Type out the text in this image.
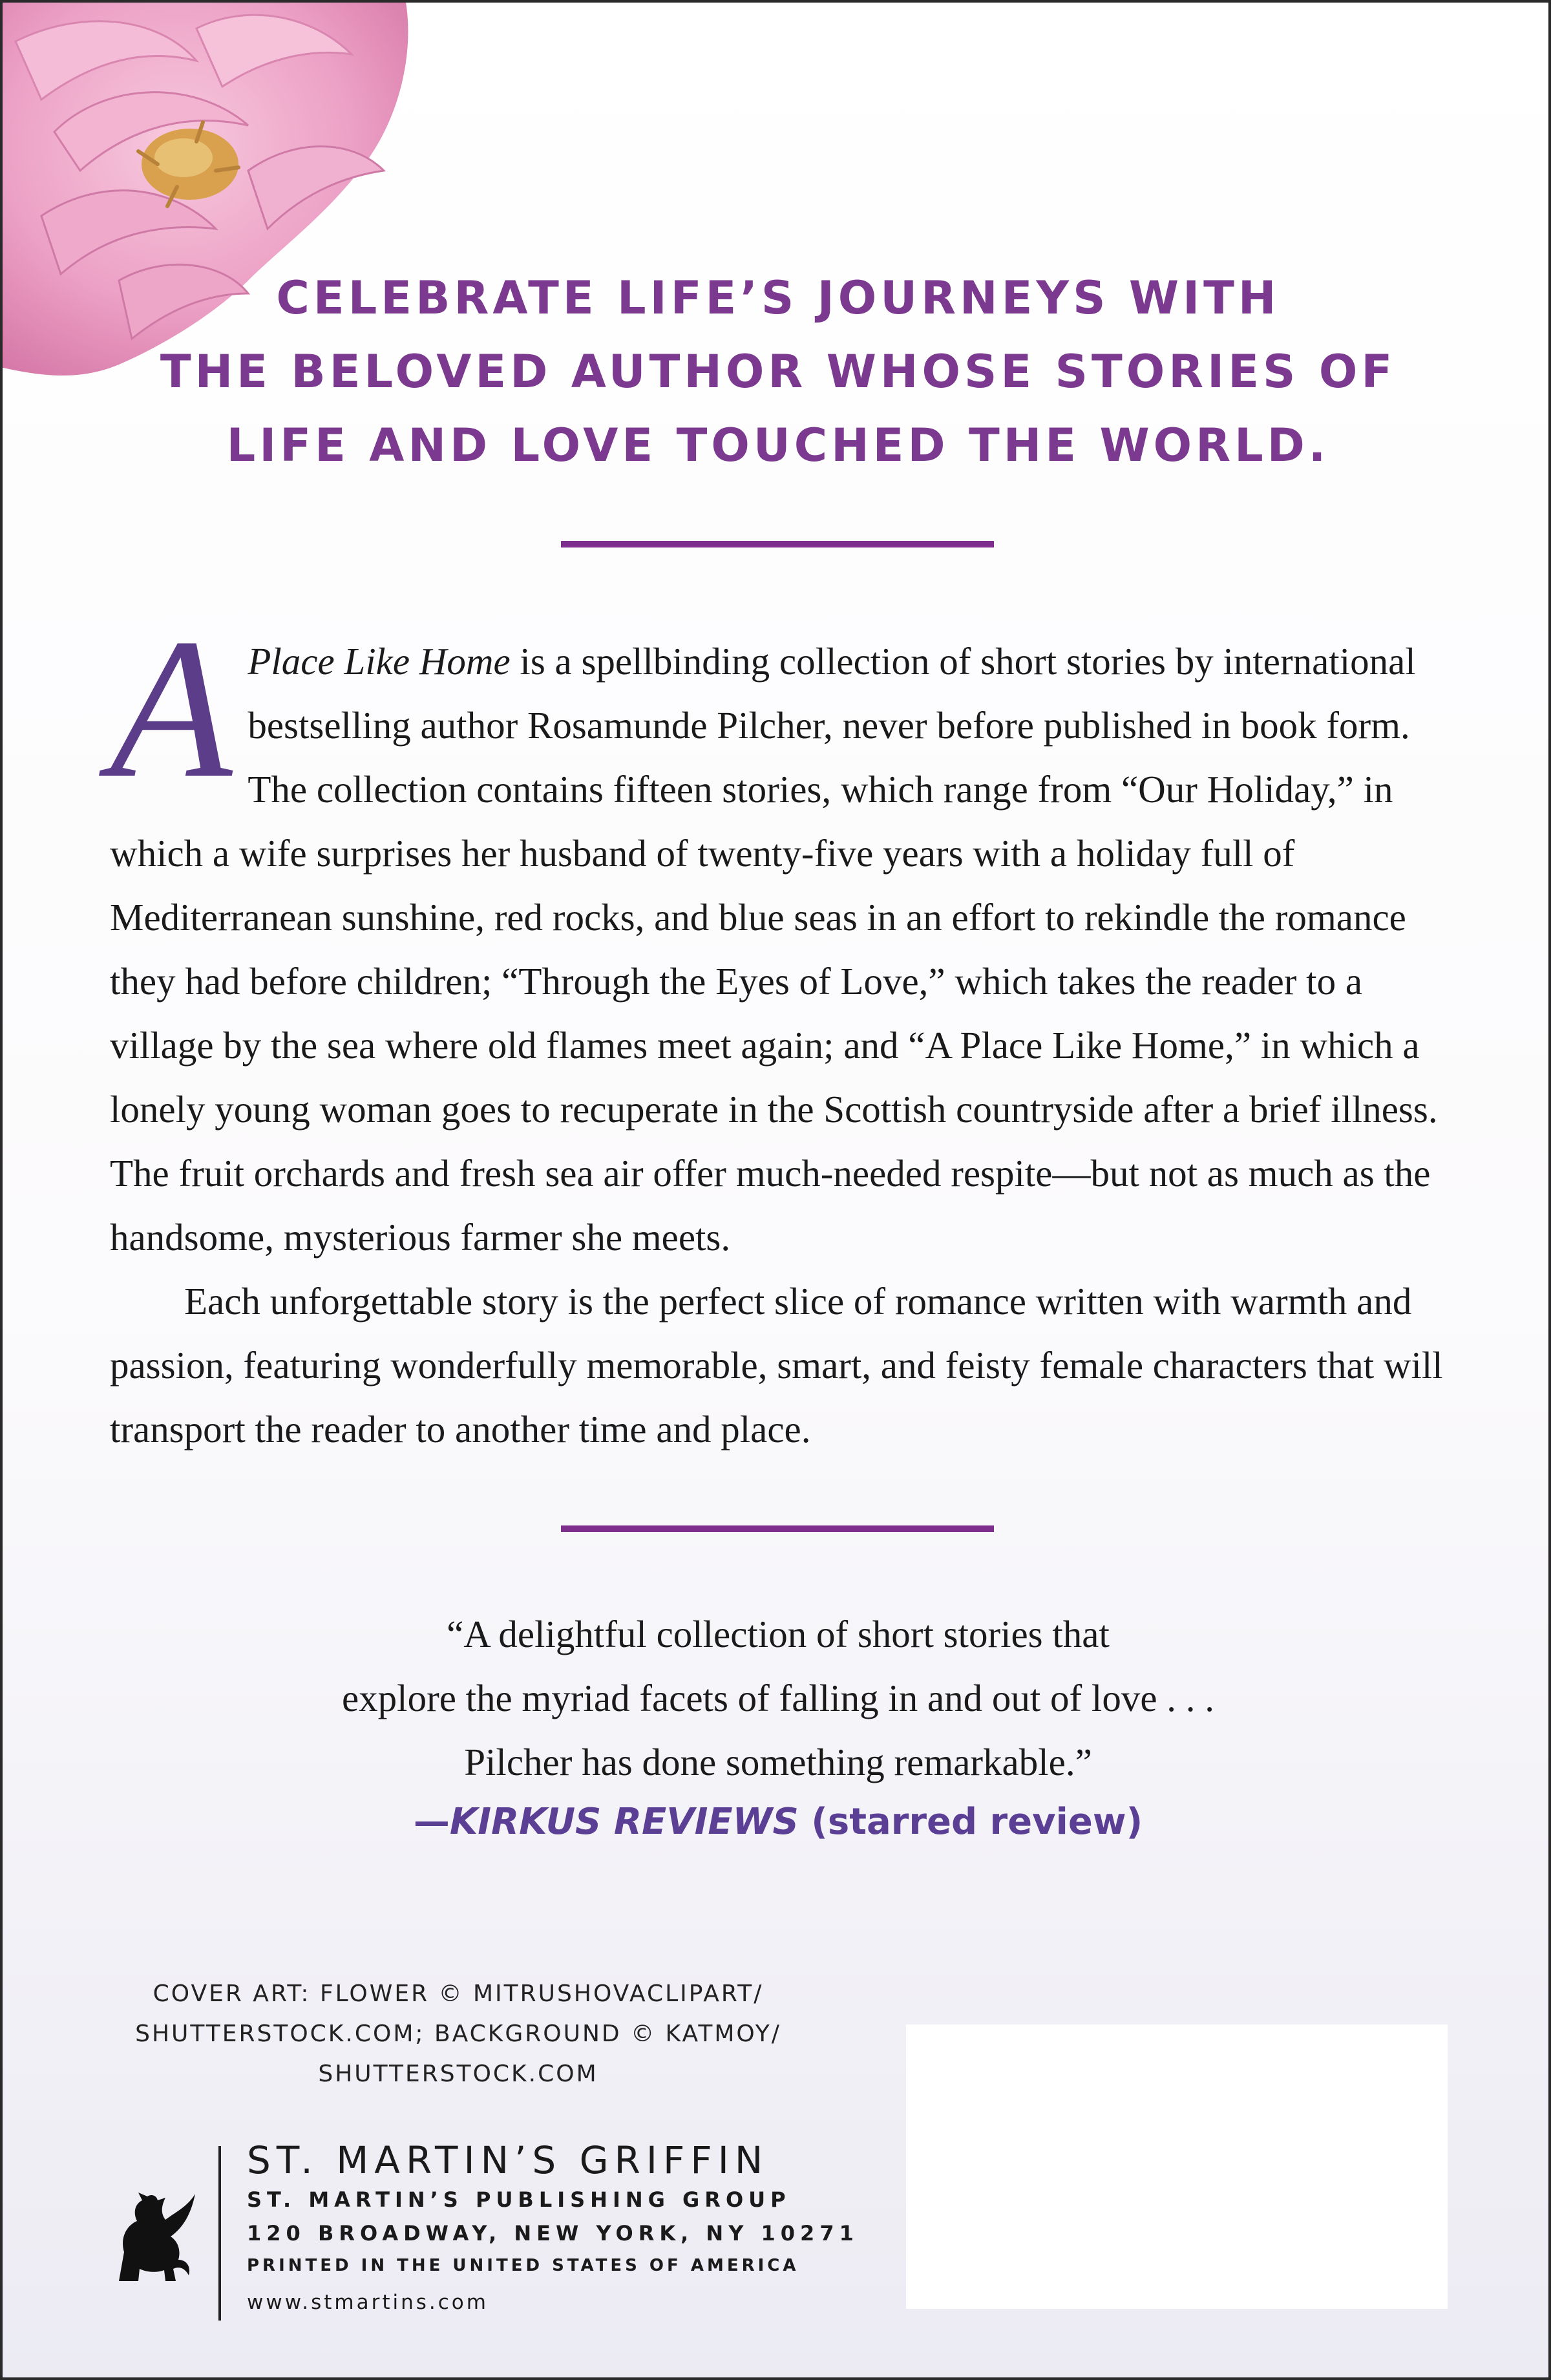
CELEBRATE LIFE’S JOURNEYS WITH
THE BELOVED AUTHOR WHOSE STORIES OF
LIFE AND LOVE TOUCHED THE WORLD.

A Place Like Home is a spellbinding collection of short stories by international bestselling author Rosamunde Pilcher, never before published in book form. The collection contains fifteen stories, which range from “Our Holiday,” in which a wife surprises her husband of twenty-five years with a holiday full of Mediterranean sunshine, red rocks, and blue seas in an effort to rekindle the romance they had before children; “Through the Eyes of Love,” which takes the reader to a village by the sea where old flames meet again; and “A Place Like Home,” in which a lonely young woman goes to recuperate in the Scottish countryside after a brief illness. The fruit orchards and fresh sea air offer much-needed respite—but not as much as the handsome, mysterious farmer she meets.

Each unforgettable story is the perfect slice of romance written with warmth and passion, featuring wonderfully memorable, smart, and feisty female characters that will transport the reader to another time and place.

“A delightful collection of short stories that
explore the myriad facets of falling in and out of love . . .
Pilcher has done something remarkable.”

—KIRKUS REVIEWS (starred review)

COVER ART: FLOWER © MITRUSHOVACLIPART/
SHUTTERSTOCK.COM; BACKGROUND © KATMOY/
SHUTTERSTOCK.COM

ST. MARTIN’S GRIFFIN

ST. MARTIN’S PUBLISHING GROUP

120 BROADWAY, NEW YORK, NY 10271

PRINTED IN THE UNITED STATES OF AMERICA

www.stmartins.com
